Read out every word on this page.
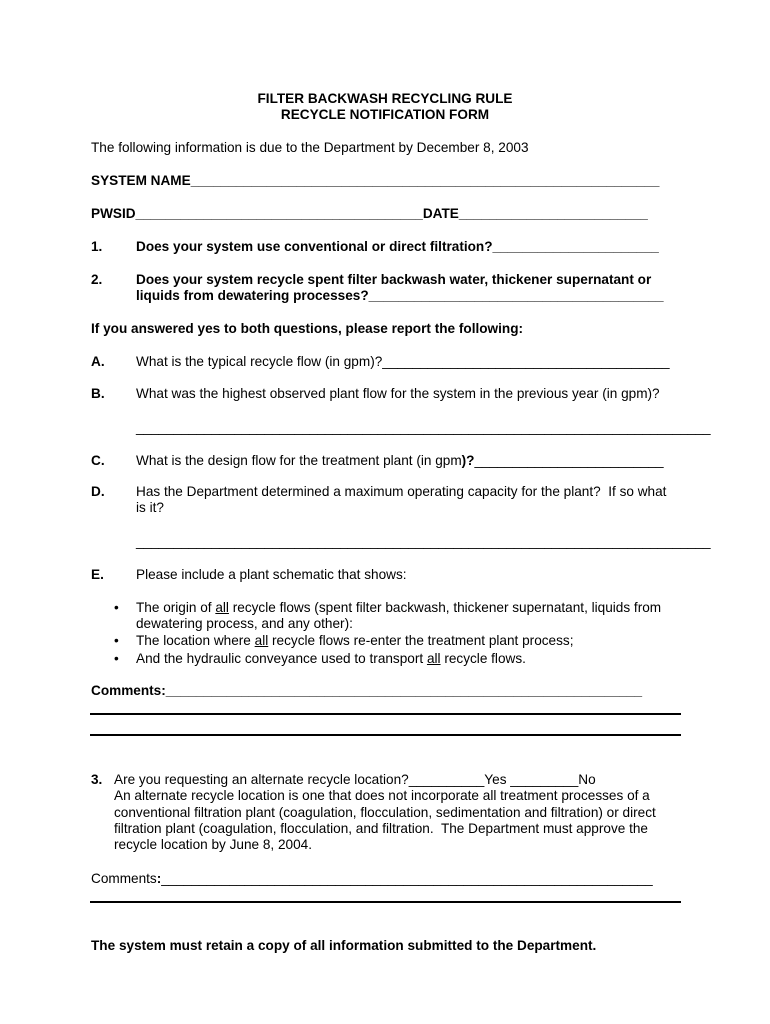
FILTER BACKWASH RECYCLING RULE
RECYCLE NOTIFICATION FORM
The following information is due to the Department by December 8, 2003
SYSTEM NAME______________________________________________________________
PWSID______________________________________DATE_________________________
1. Does your system use conventional or direct filtration?______________________
2. Does your system recycle spent filter backwash water, thickener supernatant or
liquids from dewatering processes?_______________________________________
If you answered yes to both questions, please report the following:
A. What is the typical recycle flow (in gpm)?______________________________________
B. What was the highest observed plant flow for the system in the previous year (in gpm)?
____________________________________________________________________________
C. What is the design flow for the treatment plant (in gpm)?_________________________
D. Has the Department determined a maximum operating capacity for the plant?  If so what
is it?
____________________________________________________________________________
E. Please include a plant schematic that shows:
• The origin of all recycle flows (spent filter backwash, thickener supernatant, liquids from
dewatering process, and any other):
• The location where all recycle flows re-enter the treatment plant process;
• And the hydraulic conveyance used to transport all recycle flows.
Comments:_______________________________________________________________
3. Are you requesting an alternate recycle location?__________Yes _________No
An alternate recycle location is one that does not incorporate all treatment processes of a
conventional filtration plant (coagulation, flocculation, sedimentation and filtration) or direct
filtration plant (coagulation, flocculation, and filtration.  The Department must approve the
recycle location by June 8, 2004.
Comments:_________________________________________________________________
The system must retain a copy of all information submitted to the Department.
